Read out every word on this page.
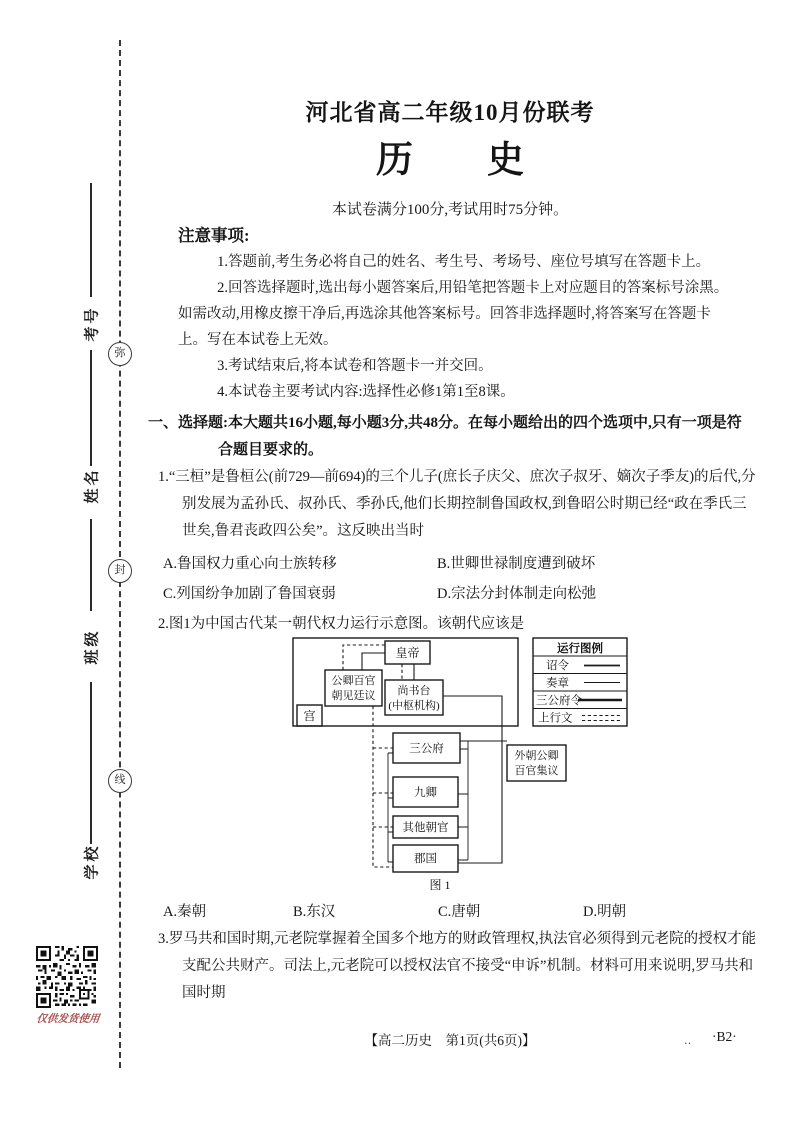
考号
姓名
班级
学校
弥
封
线
仅供发货使用
河北省高二年级10月份联考
历　　史
本试卷满分100分,考试用时75分钟。
注意事项:

1.答题前,考生务必将自己的姓名、考生号、考场号、座位号填写在答题卡上。

2.回答选择题时,选出每小题答案后,用铅笔把答题卡上对应题目的答案标号涂黑。如需改动,用橡皮擦干净后,再选涂其他答案标号。回答非选择题时,将答案写在答题卡上。写在本试卷上无效。

3.考试结束后,将本试卷和答题卡一并交回。

4.本试卷主要考试内容:选择性必修1第1至8课。

一、选择题:本大题共16小题,每小题3分,共48分。在每小题给出的四个选项中,只有一项是符合题目要求的。
1.“三桓”是鲁桓公(前729—前694)的三个儿子(庶长子庆父、庶次子叔牙、嫡次子季友)的后代,分别发展为孟孙氏、叔孙氏、季孙氏,他们长期控制鲁国政权,到鲁昭公时期已经“政在季氏三世矣,鲁君丧政四公矣”。这反映出当时
A.鲁国权力重心向士族转移	B.世卿世禄制度遭到破坏
C.列国纷争加剧了鲁国衰弱	D.宗法分封体制走向松弛
2.图1为中国古代某一朝代权力运行示意图。该朝代应该是
宫
皇帝
公卿百官
朝见廷议 尚书台
(中枢机构)
三公府
九卿
其他朝官
郡国
外朝公卿
百官集议
运行图例
诏令
奏章
三公府令
上行文
图 1
A.秦朝	B.东汉	C.唐朝	D.明朝
3.罗马共和国时期,元老院掌握着全国多个地方的财政管理权,执法官必须得到元老院的授权才能支配公共财产。司法上,元老院可以授权法官不接受“申诉”机制。材料可用来说明,罗马共和国时期
【高二历史　第1页(共6页)】	‥ ·B2·
